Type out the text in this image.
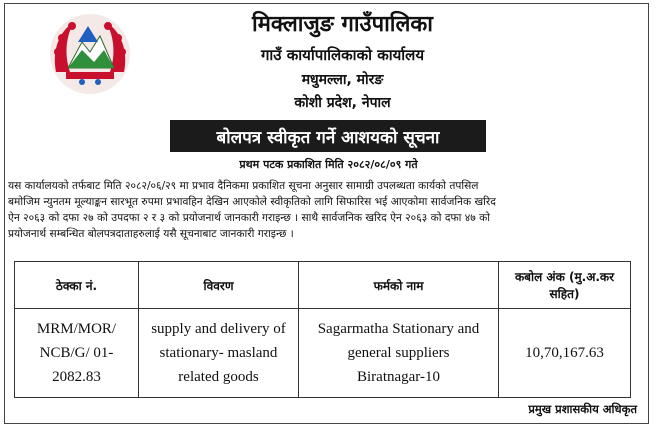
मिक्लाजुङ गाउँपालिका
गाउँ कार्यापालिकाको कार्यालय
मधुमल्ला, मोरङ
कोशी प्रदेश, नेपाल
बोलपत्र स्वीकृत गर्ने आशयको सूचना
प्रथम पटक प्रकाशित मिति २०८२/०८/०९ गते
यस कार्यालयको तर्फबाट मिति २०८२/०६/२९ मा प्रभाव दैनिकमा प्रकाशित सूचना अनुसार सामाग्री उपलब्धता कार्यको तपसिल
बमोजिम न्युनतम मूल्याङ्कन सारभूत रुपमा प्रभावहिन देखिन आएकोले स्वीकृतिको लागि सिफारिस भई आएकोमा सार्वजनिक खरिद
ऐन २०६३ को दफा २७ को उपदफा २ र ३ को प्रयोजनार्थ जानकारी गराइन्छ । साथै सार्वजनिक खरिद ऐन २०६३ को दफा ४७ को
प्रयोजनार्थ सम्बन्धित बोलपत्रदाताहरुलाई यसै सूचनाबाट जानकारी गराइन्छ ।
ठेक्का नं.	विवरण	फर्मको नाम	कबोल अंक (मु.अ.कर सहित)
MRM/MOR/ NCB/G/ 01-2082.83	supply and delivery of stationary- masland related goods	Sagarmatha Stationary and general suppliers Biratnagar-10	10,70,167.63
प्रमुख प्रशासकीय अधिकृत
